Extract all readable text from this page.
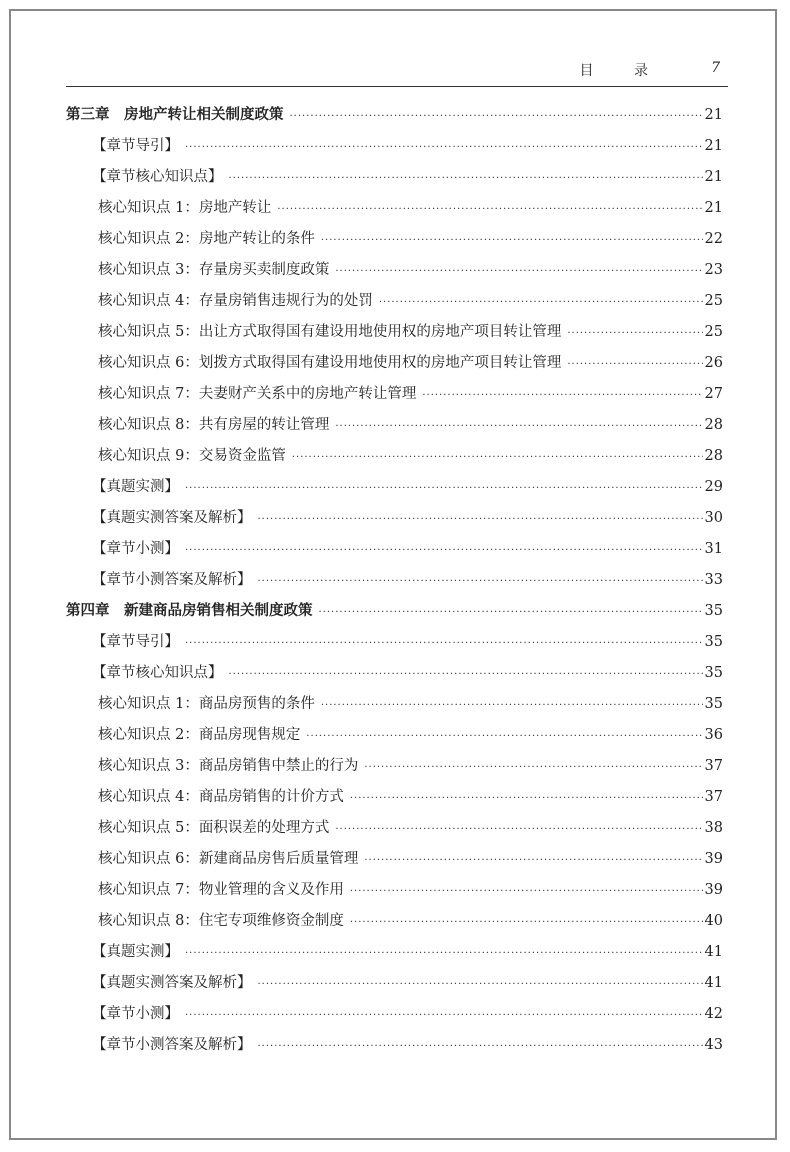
目 录	7
第三章　房地产转让相关制度政策 ·····	21
【章节导引】 ·····	21
【章节核心知识点】 ·····	21
核心知识点 1：房地产转让 ·····	21
核心知识点 2：房地产转让的条件 ·····	22
核心知识点 3：存量房买卖制度政策 ·····	23
核心知识点 4：存量房销售违规行为的处罚 ·····	25
核心知识点 5：出让方式取得国有建设用地使用权的房地产项目转让管理 ·····	25
核心知识点 6：划拨方式取得国有建设用地使用权的房地产项目转让管理 ·····	26
核心知识点 7：夫妻财产关系中的房地产转让管理 ·····	27
核心知识点 8：共有房屋的转让管理 ·····	28
核心知识点 9：交易资金监管 ·····	28
【真题实测】 ·····	29
【真题实测答案及解析】 ·····	30
【章节小测】 ·····	31
【章节小测答案及解析】 ·····	33
第四章　新建商品房销售相关制度政策 ·····	35
【章节导引】 ·····	35
【章节核心知识点】 ·····	35
核心知识点 1：商品房预售的条件 ·····	35
核心知识点 2：商品房现售规定 ·····	36
核心知识点 3：商品房销售中禁止的行为 ·····	37
核心知识点 4：商品房销售的计价方式 ·····	37
核心知识点 5：面积误差的处理方式 ·····	38
核心知识点 6：新建商品房售后质量管理 ·····	39
核心知识点 7：物业管理的含义及作用 ·····	39
核心知识点 8：住宅专项维修资金制度 ·····	40
【真题实测】 ·····	41
【真题实测答案及解析】 ·····	41
【章节小测】 ·····	42
【章节小测答案及解析】 ·····	43
